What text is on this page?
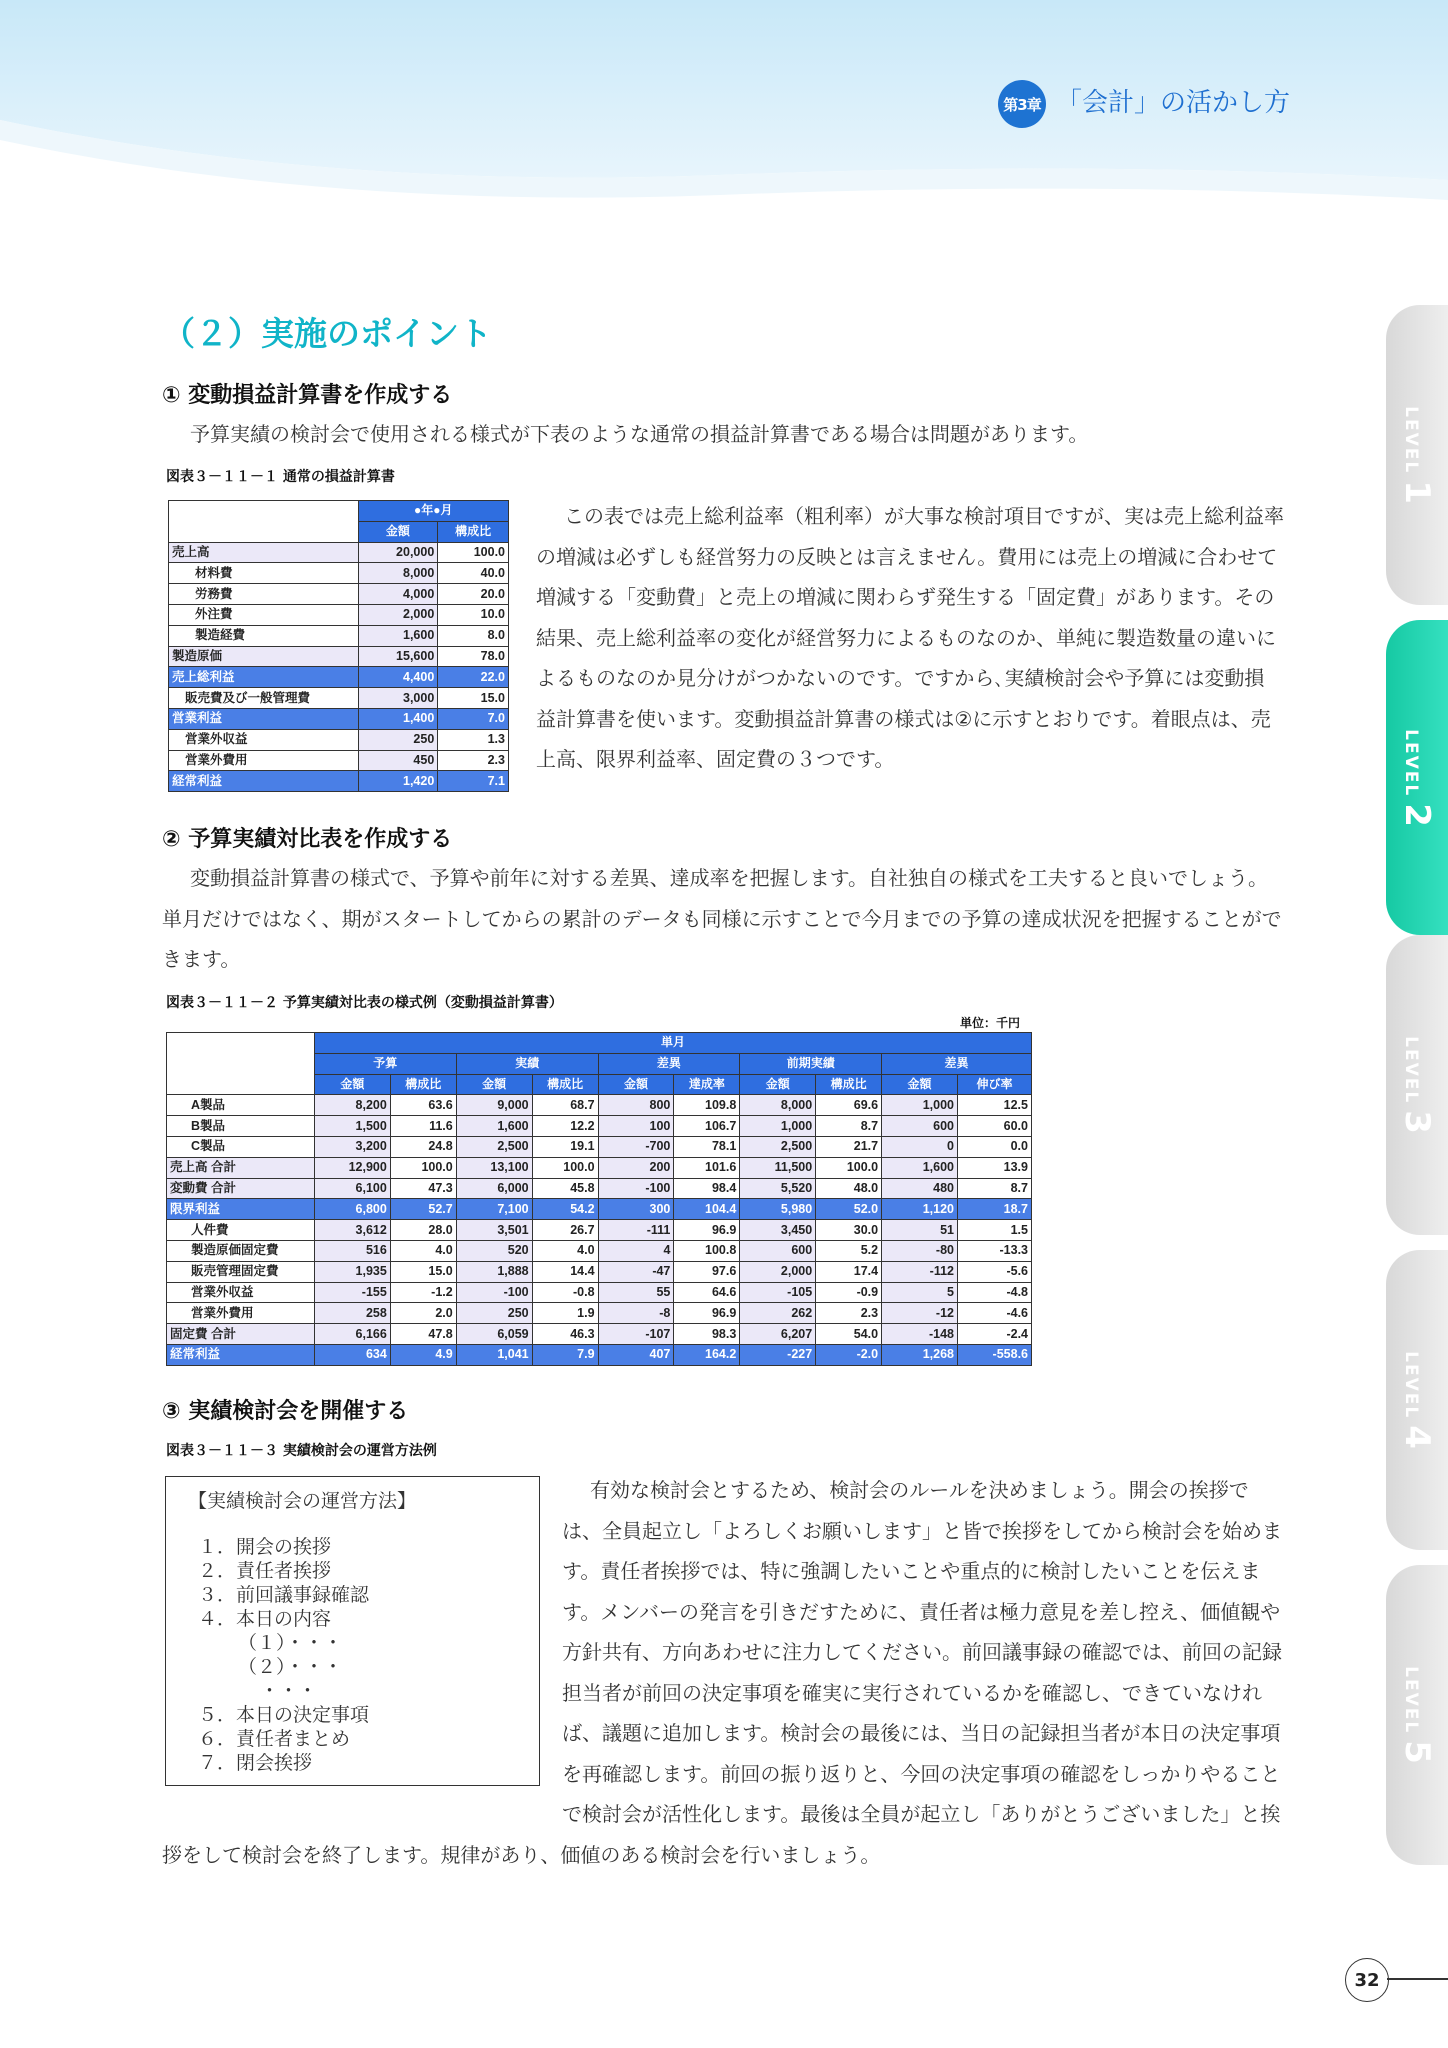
第3章 「会計」の活かし方
LEVEL1
LEVEL2
LEVEL3
LEVEL4
LEVEL5
（２）実施のポイント
① 変動損益計算書を作成する

予算実績の検討会で使用される様式が下表のような通常の損益計算書である場合は問題があります。

図表３－１１－１ 通常の損益計算書
	●年●月	
	金額	構成比
売上高	20,000	100.0
材料費	8,000	40.0
労務費	4,000	20.0
外注費	2,000	10.0
製造経費	1,600	8.0
製造原価	15,600	78.0
売上総利益	4,400	22.0
販売費及び一般管理費	3,000	15.0
営業利益	1,400	7.0
営業外収益	250	1.3
営業外費用	450	2.3
経常利益	1,420	7.1

この表では売上総利益率（粗利率）が大事な検討項目ですが、実は売上総利益率の増減は必ずしも経営努力の反映とは言えません。費用には売上の増減に合わせて増減する「変動費」と売上の増減に関わらず発生する「固定費」があります。その結果、売上総利益率の変化が経営努力によるものなのか、単純に製造数量の違いによるものなのか見分けがつかないのです。ですから､実績検討会や予算には変動損益計算書を使います。変動損益計算書の様式は②に示すとおりです。着眼点は、売上高、限界利益率、固定費の３つです。

② 予算実績対比表を作成する

変動損益計算書の様式で、予算や前年に対する差異、達成率を把握します。自社独自の様式を工夫すると良いでしょう。単月だけではなく、期がスタートしてからの累計のデータも同様に示すことで今月までの予算の達成状況を把握することができます。

図表３－１１－２ 予算実績対比表の様式例（変動損益計算書）
単位：千円
	単月									
	予算		実績		差異		前期実績		差異	
	金額	構成比	金額	構成比	金額	達成率	金額	構成比	金額	伸び率
A製品	8,200	63.6	9,000	68.7	800	109.8	8,000	69.6	1,000	12.5
B製品	1,500	11.6	1,600	12.2	100	106.7	1,000	8.7	600	60.0
C製品	3,200	24.8	2,500	19.1	-700	78.1	2,500	21.7	0	0.0
売上高 合計	12,900	100.0	13,100	100.0	200	101.6	11,500	100.0	1,600	13.9
変動費 合計	6,100	47.3	6,000	45.8	-100	98.4	5,520	48.0	480	8.7
限界利益	6,800	52.7	7,100	54.2	300	104.4	5,980	52.0	1,120	18.7
人件費	3,612	28.0	3,501	26.7	-111	96.9	3,450	30.0	51	1.5
製造原価固定費	516	4.0	520	4.0	4	100.8	600	5.2	-80	-13.3
販売管理固定費	1,935	15.0	1,888	14.4	-47	97.6	2,000	17.4	-112	-5.6
営業外収益	-155	-1.2	-100	-0.8	55	64.6	-105	-0.9	5	-4.8
営業外費用	258	2.0	250	1.9	-8	96.9	262	2.3	-12	-4.6
固定費 合計	6,166	47.8	6,059	46.3	-107	98.3	6,207	54.0	-148	-2.4
経常利益	634	4.9	1,041	7.9	407	164.2	-227	-2.0	1,268	-558.6
③ 実績検討会を開催する
図表３－１１－３ 実績検討会の運営方法例
【実績検討会の運営方法】
１．開会の挨拶
２．責任者挨拶
３．前回議事録確認
４．本日の内容
（１）・・・
（２）・・・
・・・
５．本日の決定事項
６．責任者まとめ
７．閉会挨拶
有効な検討会とするため、検討会のルールを決めましょう。開会の挨拶では、全員起立し「よろしくお願いします」と皆で挨拶をしてから検討会を始めます。責任者挨拶では、特に強調したいことや重点的に検討したいことを伝えます。メンバーの発言を引きだすために、責任者は極力意見を差し控え、価値観や方針共有、方向あわせに注力してください。前回議事録の確認では、前回の記録担当者が前回の決定事項を確実に実行されているかを確認し、できていなければ、議題に追加します。検討会の最後には、当日の記録担当者が本日の決定事項を再確認します。前回の振り返りと、今回の決定事項の確認をしっかりやることで検討会が活性化します。最後は全員が起立し「ありがとうございました」と挨拶をして検討会を終了します。規律があり、価値のある検討会を行いましょう。
32
